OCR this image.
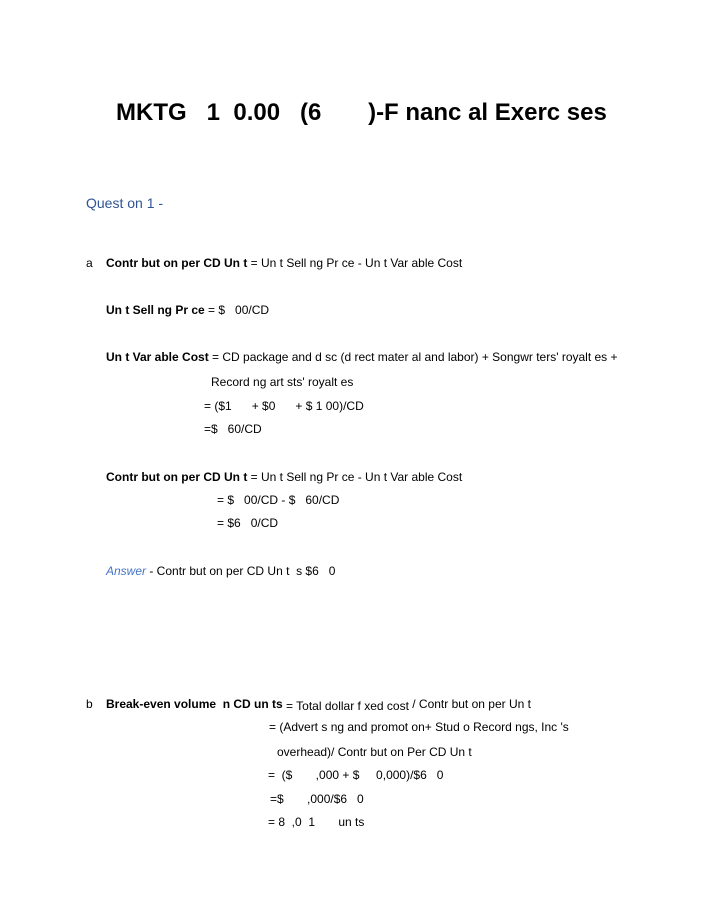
MKTG   1  0.00   (6       )-F nanc al Exerc ses
Quest on 1 -
a Contr but on per CD Un t = Un t Sell ng Pr ce - Un t Var able Cost
Un t Sell ng Pr ce = $   00/CD
Un t Var able Cost = CD package and d sc (d rect mater al and labor) + Songwr ters' royalt es +
Record ng art sts' royalt es
= ($1      + $0      + $ 1 00)/CD
=$   60/CD
Contr but on per CD Un t = Un t Sell ng Pr ce - Un t Var able Cost
= $   00/CD - $   60/CD
= $6   0/CD
Answer - Contr but on per CD Un t  s $6   0
b Break-even volume  n CD un ts = Total dollar f xed cost / Contr but on per Un t
= (Advert s ng and promot on+ Stud o Record ngs, Inc 's
overhead)/ Contr but on Per CD Un t
=  ($       ,000 + $     0,000)/$6   0
=$       ,000/$6   0
= 8  ,0  1       un ts
